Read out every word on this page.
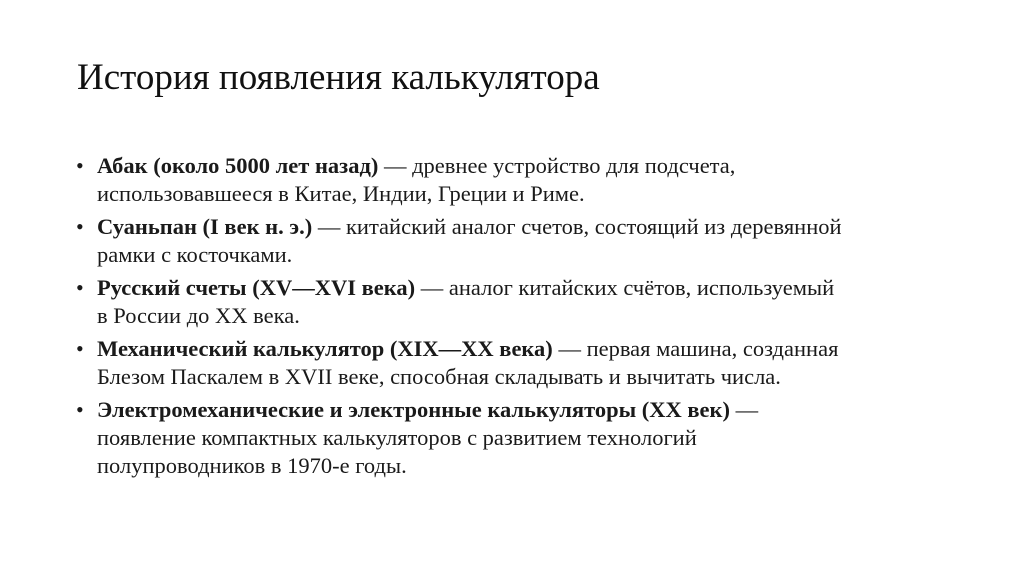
История появления калькулятора
• Абак (около 5000 лет назад) — древнее устройство для подсчета,
использовавшееся в Китае, Индии, Греции и Риме.
• Суаньпан (I век н. э.) — китайский аналог счетов, состоящий из деревянной
рамки с косточками.
• Русский счеты (XV—XVI века) — аналог китайских счётов, используемый
в России до XX века.
• Механический калькулятор (XIX—XX века) — первая машина, созданная
Блезом Паскалем в XVII веке, способная складывать и вычитать числа.
• Электромеханические и электронные калькуляторы (XX век) —
появление компактных калькуляторов с развитием технологий
полупроводников в 1970-е годы.
